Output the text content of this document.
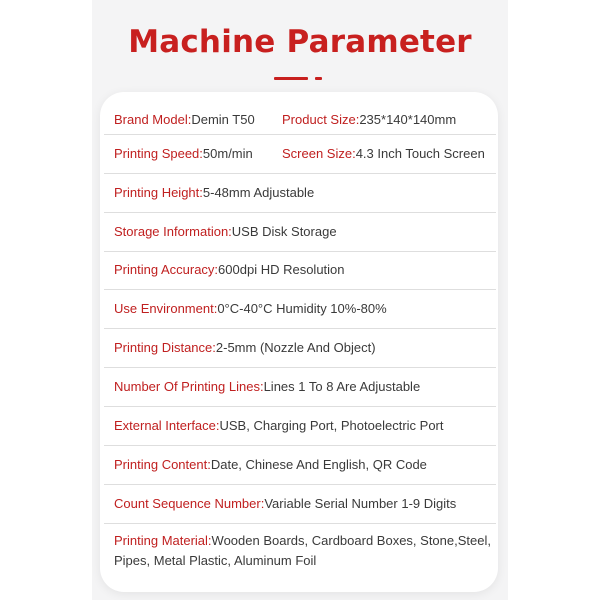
Machine Parameter
Brand Model:Demin T50 Product Size:235*140*140mm
Printing Speed:50m/min Screen Size:4.3 Inch Touch Screen
Printing Height:5-48mm Adjustable
Storage Information:USB Disk Storage
Printing Accuracy:600dpi HD Resolution
Use Environment:0°C-40°C Humidity 10%-80%
Printing Distance:2-5mm (Nozzle And Object)
Number Of Printing Lines:Lines 1 To 8 Are Adjustable
External Interface:USB, Charging Port, Photoelectric Port
Printing Content:Date, Chinese And English, QR Code
Count Sequence Number:Variable Serial Number 1-9 Digits
Printing Material:Wooden Boards, Cardboard Boxes, Stone,Steel, Pipes, Metal Plastic, Aluminum Foil
